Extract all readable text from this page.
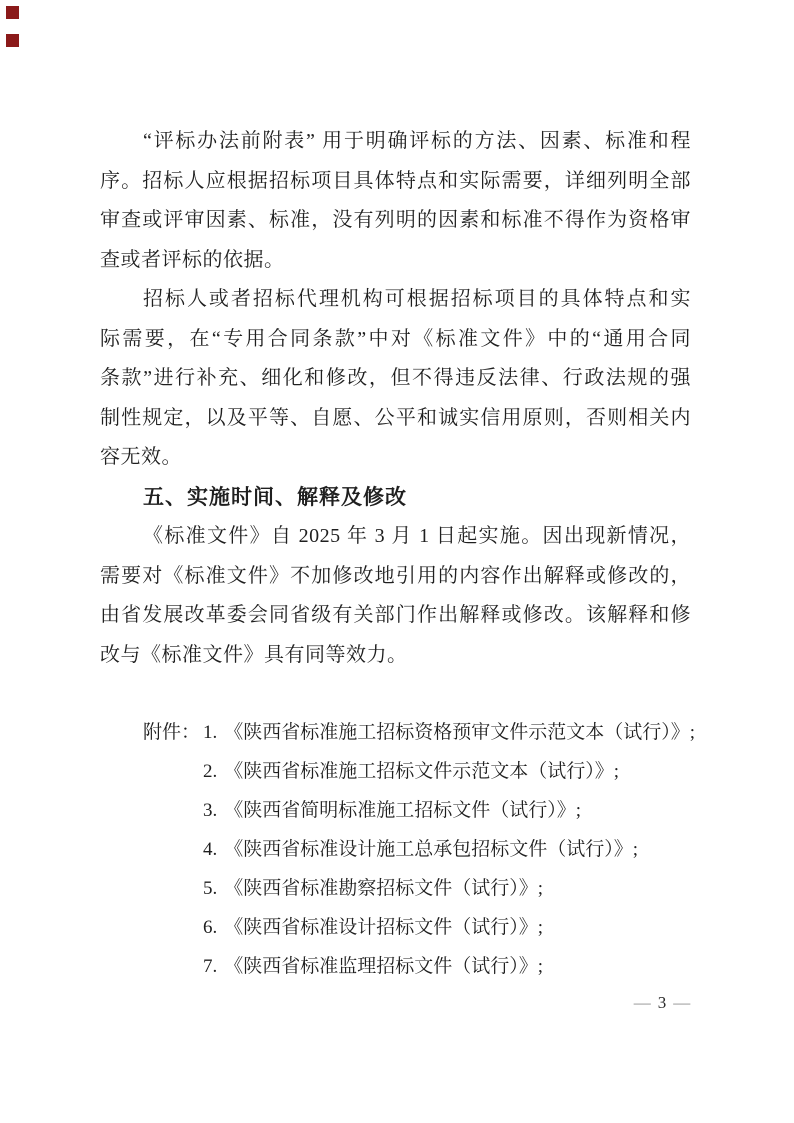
“评标办法前附表” 用于明确评标的方法、因素、标准和程
序。招标人应根据招标项目具体特点和实际需要，详细列明全部
审查或评审因素、标准，没有列明的因素和标准不得作为资格审
查或者评标的依据。
招标人或者招标代理机构可根据招标项目的具体特点和实
际需要，在“专用合同条款”中对《标准文件》中的“通用合同
条款”进行补充、细化和修改，但不得违反法律、行政法规的强
制性规定，以及平等、自愿、公平和诚实信用原则，否则相关内
容无效。
五、实施时间、解释及修改
《标准文件》自 2025 年 3 月 1 日起实施。因出现新情况，
需要对《标准文件》不加修改地引用的内容作出解释或修改的，
由省发展改革委会同省级有关部门作出解释或修改。该解释和修
改与《标准文件》具有同等效力。
附件： 1. 《陕西省标准施工招标资格预审文件示范文本（试行）》;
2. 《陕西省标准施工招标文件示范文本（试行）》;
3. 《陕西省简明标准施工招标文件（试行）》;
4. 《陕西省标准设计施工总承包招标文件（试行）》;
5. 《陕西省标准勘察招标文件（试行）》;
6. 《陕西省标准设计招标文件（试行）》;
7. 《陕西省标准监理招标文件（试行）》;
— 3 —
